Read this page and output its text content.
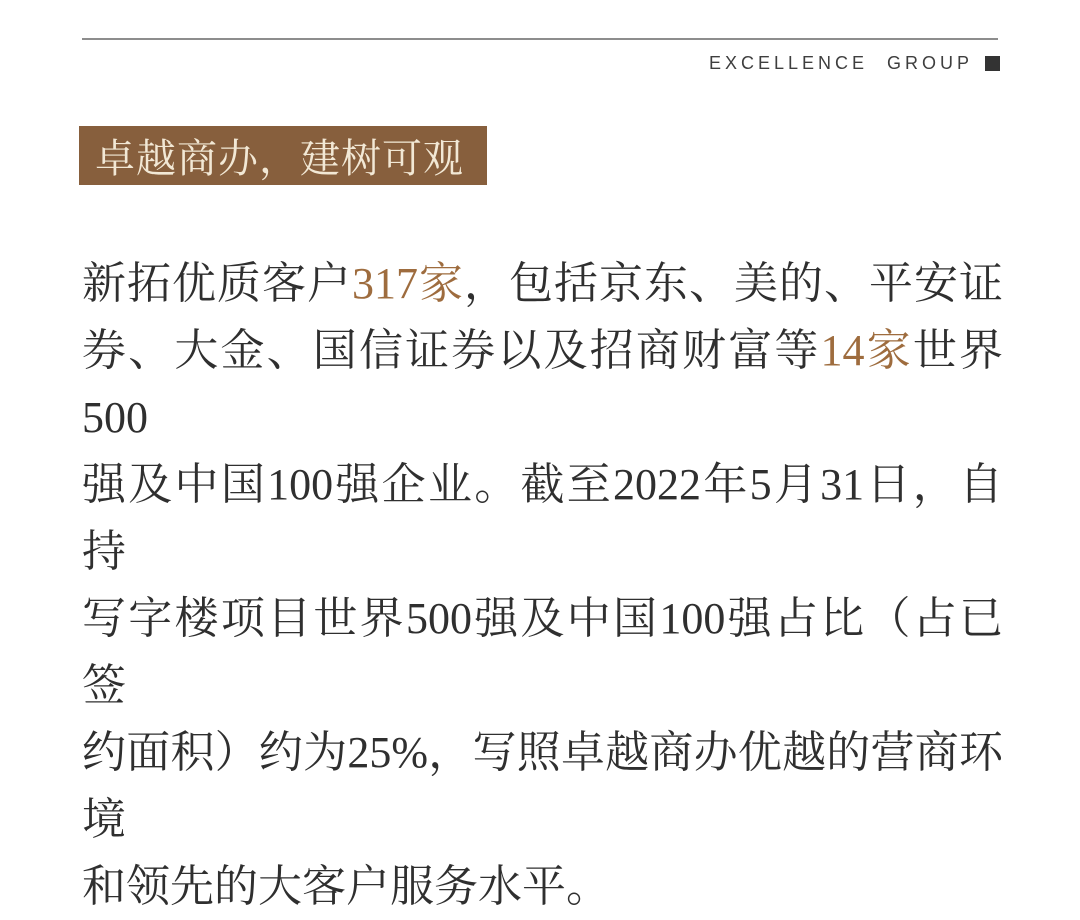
EXCELLENCE GROUP
卓越商办，建树可观
新拓优质客户317家，包括京东、美的、平安证
券、大金、国信证券以及招商财富等14家世界500
强及中国100强企业。截至2022年5月31日，自持
写字楼项目世界500强及中国100强占比（占已签
约面积）约为25%，写照卓越商办优越的营商环境
和领先的大客户服务水平。
